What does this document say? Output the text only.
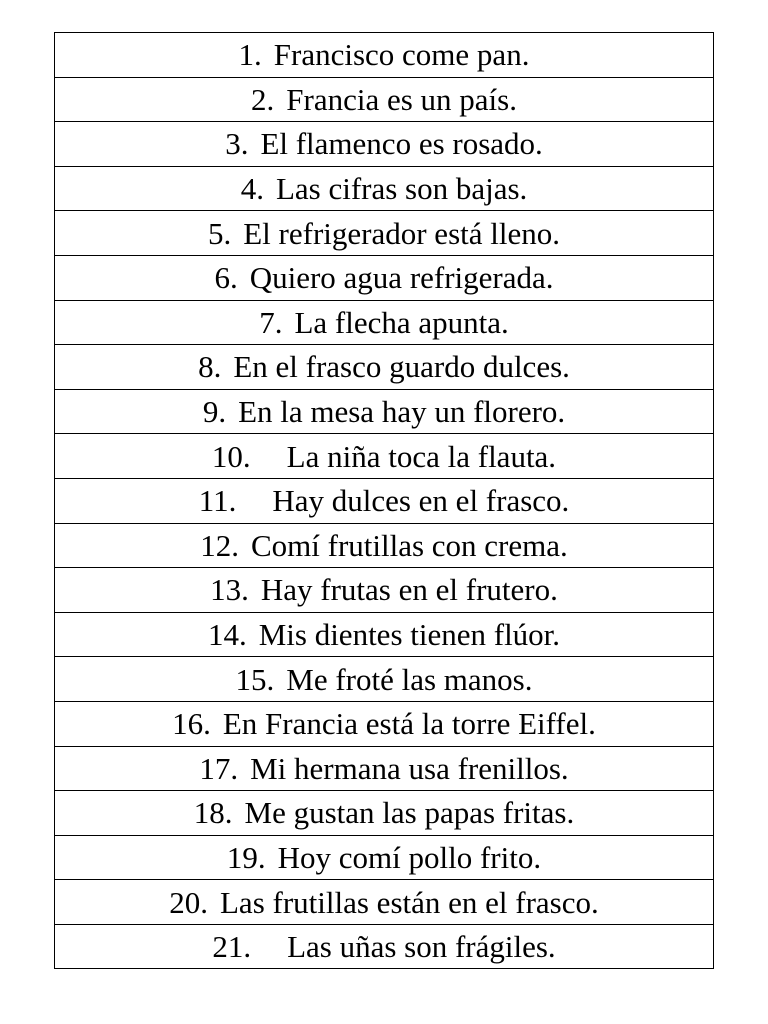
1. Francisco come pan.
2. Francia es un país.
3. El flamenco es rosado.
4. Las cifras son bajas.
5. El refrigerador está lleno.
6. Quiero agua refrigerada.
7. La flecha apunta.
8. En el frasco guardo dulces.
9. En la mesa hay un florero.
10. La niña toca la flauta.
11. Hay dulces en el frasco.
12. Comí frutillas con crema.
13. Hay frutas en el frutero.
14. Mis dientes tienen flúor.
15. Me froté las manos.
16. En Francia está la torre Eiffel.
17. Mi hermana usa frenillos.
18. Me gustan las papas fritas.
19. Hoy comí pollo frito.
20. Las frutillas están en el frasco.
21. Las uñas son frágiles.
